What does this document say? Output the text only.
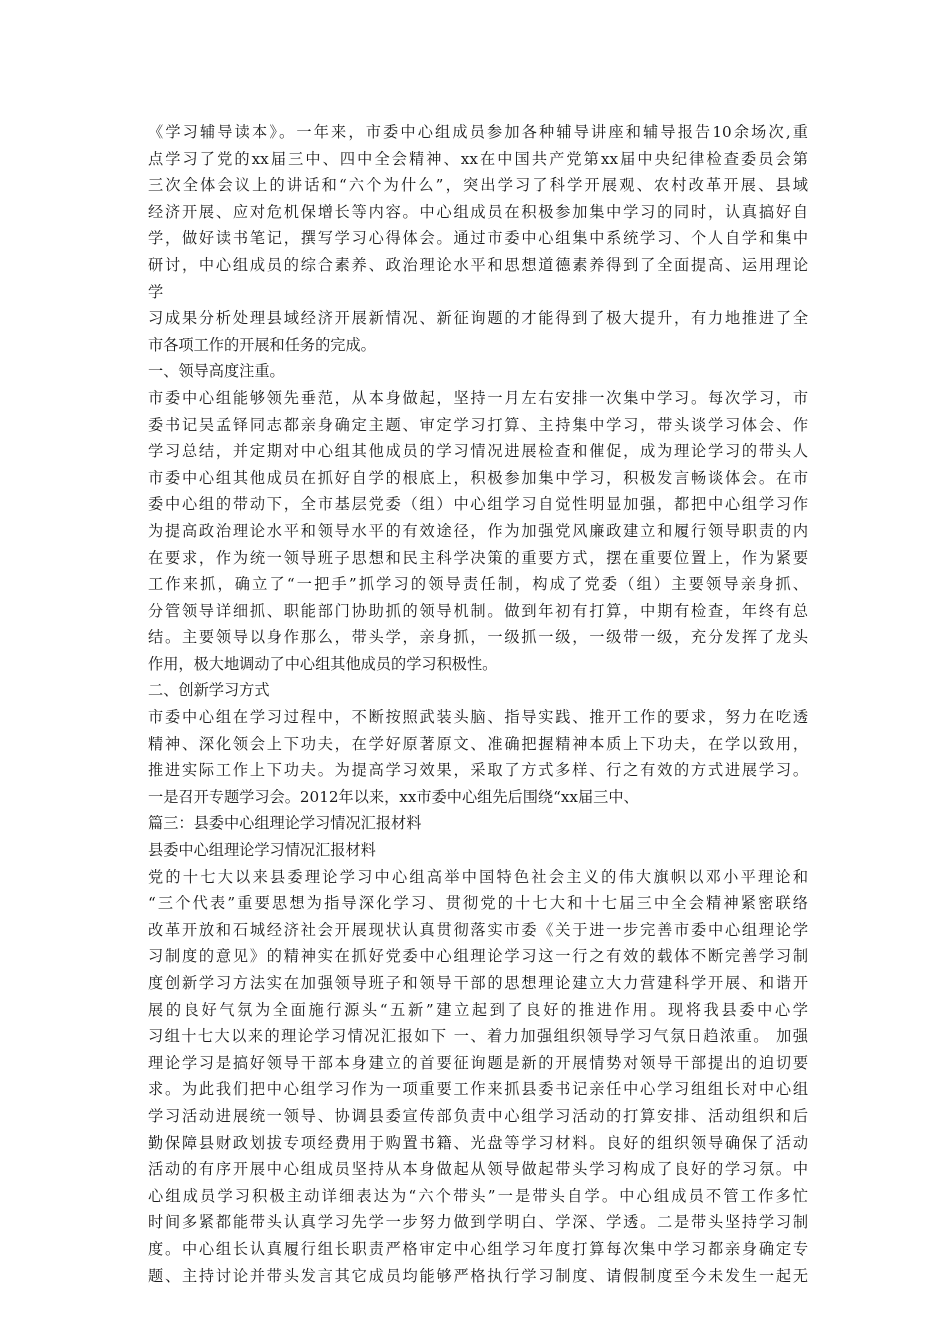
《学习辅导读本》。一年来，市委中心组成员参加各种辅导讲座和辅导报告10余场次,重
点学习了党的xx届三中、四中全会精神、xx在中国共产党第xx届中央纪律检查委员会第
三次全体会议上的讲话和“六个为什么”，突出学习了科学开展观、农村改革开展、县域
经济开展、应对危机保增长等内容。中心组成员在积极参加集中学习的同时，认真搞好自
学，做好读书笔记，撰写学习心得体会。通过市委中心组集中系统学习、个人自学和集中
研讨，中心组成员的综合素养、政治理论水平和思想道德素养得到了全面提高、运用理论
学
习成果分析处理县域经济开展新情况、新征询题的才能得到了极大提升，有力地推进了全
市各项工作的开展和任务的完成。
一、领导高度注重。
市委中心组能够领先垂范，从本身做起，坚持一月左右安排一次集中学习。每次学习，市
委书记吴孟铎同志都亲身确定主题、审定学习打算、主持集中学习，带头谈学习体会、作
学习总结，并定期对中心组其他成员的学习情况进展检查和催促，成为理论学习的带头人
市委中心组其他成员在抓好自学的根底上，积极参加集中学习，积极发言畅谈体会。在市
委中心组的带动下，全市基层党委（组）中心组学习自觉性明显加强，都把中心组学习作
为提高政治理论水平和领导水平的有效途径，作为加强党风廉政建立和履行领导职责的内
在要求，作为统一领导班子思想和民主科学决策的重要方式，摆在重要位置上，作为紧要
工作来抓，确立了“一把手”抓学习的领导责任制，构成了党委（组）主要领导亲身抓、
分管领导详细抓、职能部门协助抓的领导机制。做到年初有打算，中期有检查，年终有总
结。主要领导以身作那么，带头学，亲身抓，一级抓一级，一级带一级，充分发挥了龙头
作用，极大地调动了中心组其他成员的学习积极性。
二、创新学习方式
市委中心组在学习过程中，不断按照武装头脑、指导实践、推开工作的要求，努力在吃透
精神、深化领会上下功夫，在学好原著原文、准确把握精神本质上下功夫，在学以致用，
推进实际工作上下功夫。为提高学习效果，采取了方式多样、行之有效的方式进展学习。
一是召开专题学习会。2012年以来，xx市委中心组先后围绕“xx届三中、
篇三：县委中心组理论学习情况汇报材料
县委中心组理论学习情况汇报材料
党的十七大以来县委理论学习中心组高举中国特色社会主义的伟大旗帜以邓小平理论和
“三个代表”重要思想为指导深化学习、贯彻党的十七大和十七届三中全会精神紧密联络
改革开放和石城经济社会开展现状认真贯彻落实市委《关于进一步完善市委中心组理论学
习制度的意见》的精神实在抓好党委中心组理论学习这一行之有效的载体不断完善学习制
度创新学习方法实在加强领导班子和领导干部的思想理论建立大力营建科学开展、和谐开
展的良好气氛为全面施行源头“五新”建立起到了良好的推进作用。现将我县委中心学
习组十七大以来的理论学习情况汇报如下 一、着力加强组织领导学习气氛日趋浓重。 加强
理论学习是搞好领导干部本身建立的首要征询题是新的开展情势对领导干部提出的迫切要
求。为此我们把中心组学习作为一项重要工作来抓县委书记亲任中心学习组组长对中心组
学习活动进展统一领导、协调县委宣传部负责中心组学习活动的打算安排、活动组织和后
勤保障县财政划拔专项经费用于购置书籍、光盘等学习材料。良好的组织领导确保了活动
活动的有序开展中心组成员坚持从本身做起从领导做起带头学习构成了良好的学习氛。中
心组成员学习积极主动详细表达为“六个带头”一是带头自学。中心组成员不管工作多忙
时间多紧都能带头认真学习先学一步努力做到学明白、学深、学透。二是带头坚持学习制
度。中心组长认真履行组长职责严格审定中心组学习年度打算每次集中学习都亲身确定专
题、主持讨论并带头发言其它成员均能够严格执行学习制度、请假制度至今未发生一起无
